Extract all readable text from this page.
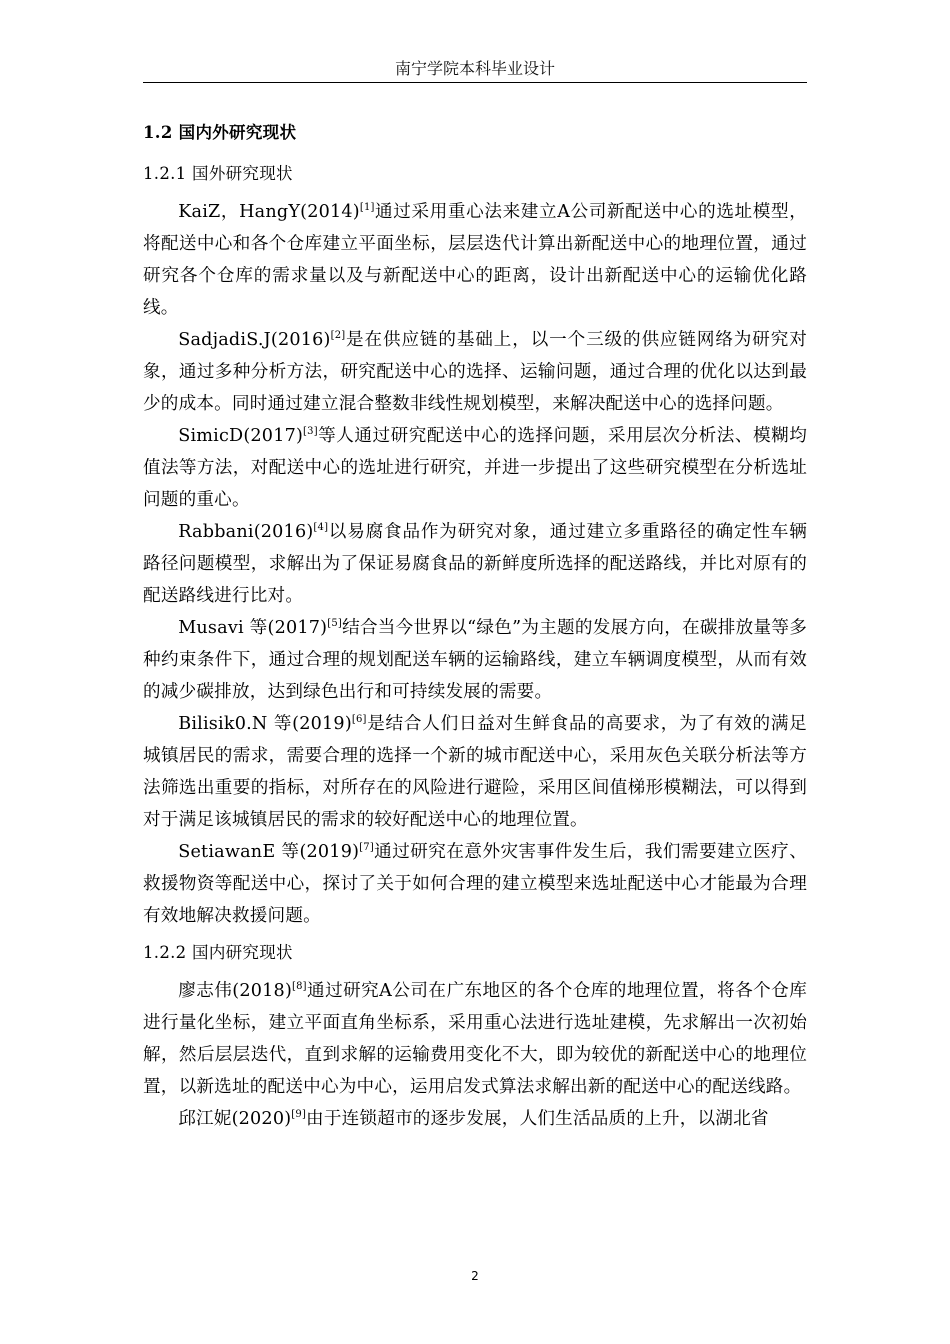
南宁学院本科毕业设计
1.2 国内外研究现状
1.2.1 国外研究现状

KaiZ，HangY(2014)[1]通过采用重心法来建立A公司新配送中心的选址模型，将配送中心和各个仓库建立平面坐标，层层迭代计算出新配送中心的地理位置，通过研究各个仓库的需求量以及与新配送中心的距离，设计出新配送中心的运输优化路线。

SadjadiS.J(2016)[2]是在供应链的基础上，以一个三级的供应链网络为研究对象，通过多种分析方法，研究配送中心的选择、运输问题，通过合理的优化以达到最少的成本。同时通过建立混合整数非线性规划模型，来解决配送中心的选择问题。

SimicD(2017)[3]等人通过研究配送中心的选择问题，采用层次分析法、模糊均值法等方法，对配送中心的选址进行研究，并进一步提出了这些研究模型在分析选址问题的重心。

Rabbani(2016)[4]以易腐食品作为研究对象，通过建立多重路径的确定性车辆路径问题模型，求解出为了保证易腐食品的新鲜度所选择的配送路线，并比对原有的配送路线进行比对。

Musavi 等(2017)[5]结合当今世界以“绿色”为主题的发展方向，在碳排放量等多种约束条件下，通过合理的规划配送车辆的运输路线，建立车辆调度模型，从而有效的减少碳排放，达到绿色出行和可持续发展的需要。

Bilisik0.N 等(2019)[6]是结合人们日益对生鲜食品的高要求，为了有效的满足城镇居民的需求，需要合理的选择一个新的城市配送中心，采用灰色关联分析法等方法筛选出重要的指标，对所存在的风险进行避险，采用区间值梯形模糊法，可以得到对于满足该城镇居民的需求的较好配送中心的地理位置。

SetiawanE 等(2019)[7]通过研究在意外灾害事件发生后，我们需要建立医疗、救援物资等配送中心，探讨了关于如何合理的建立模型来选址配送中心才能最为合理有效地解决救援问题。

1.2.2 国内研究现状

廖志伟(2018)[8]通过研究A公司在广东地区的各个仓库的地理位置，将各个仓库进行量化坐标，建立平面直角坐标系，采用重心法进行选址建模，先求解出一次初始解，然后层层迭代，直到求解的运输费用变化不大，即为较优的新配送中心的地理位置，以新选址的配送中心为中心，运用启发式算法求解出新的配送中心的配送线路。

邱江妮(2020)[9]由于连锁超市的逐步发展，人们生活品质的上升，以湖北省

2
